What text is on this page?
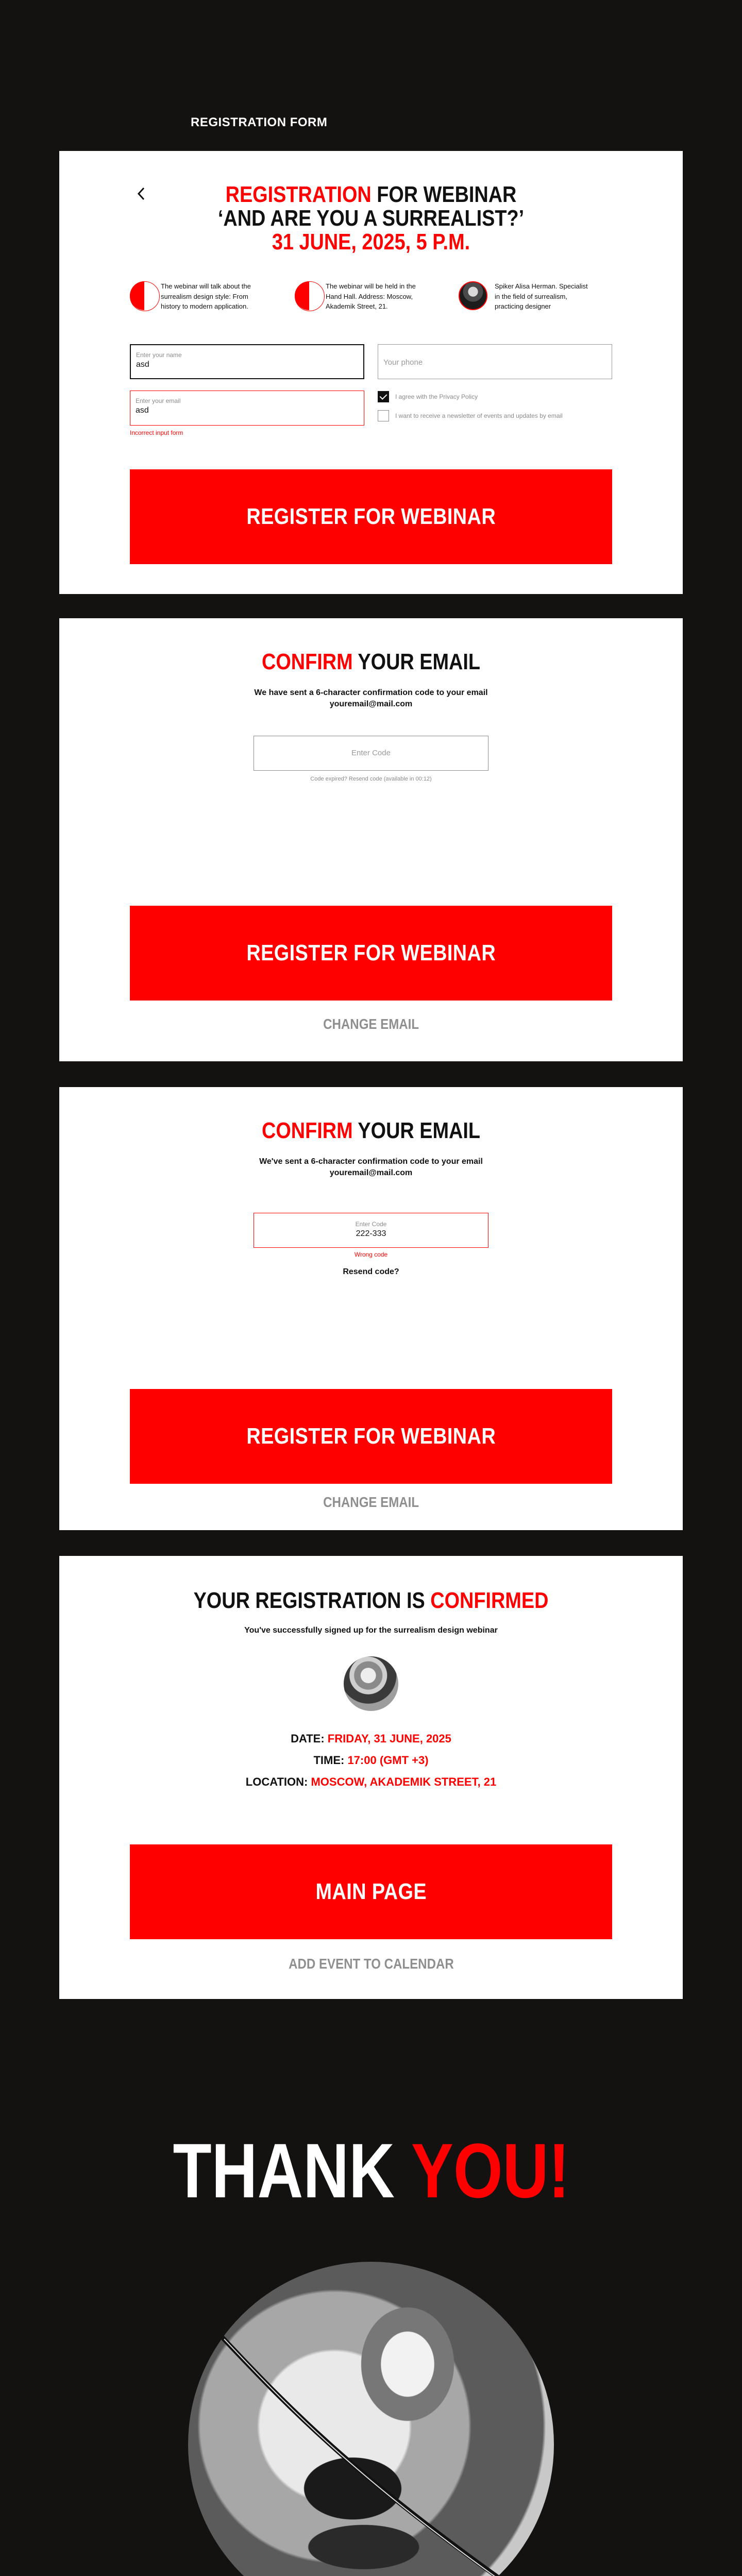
REGISTRATION FORM
REGISTRATION FOR WEBINAR
‘AND ARE YOU A SURREALIST?’
31 JUNE, 2025, 5 P.M.

The webinar will talk about the surrealism design style: From history to modern application.

The webinar will be held in the Hand Hall. Address: Moscow, Akademik Street, 21.

Spiker Alisa Herman. Specialist in the field of surrealism, practicing designer

Enter your name
asd	Your phone
Enter your email
asd
Incorrect input form
I agree with the Privacy Policy
I want to receive a newsletter of events and updates by email
REGISTER FOR WEBINAR
CONFIRM YOUR EMAIL
We have sent a 6-character confirmation code to your email
youremail@mail.com
Enter Code
Code expired? Resend code (available in 00:12)
REGISTER FOR WEBINAR
CHANGE EMAIL
CONFIRM YOUR EMAIL
We've sent a 6-character confirmation code to your email
youremail@mail.com
Enter Code
222-333
Wrong code
Resend code?
REGISTER FOR WEBINAR
CHANGE EMAIL
YOUR REGISTRATION IS CONFIRMED
You've successfully signed up for the surrealism design webinar
DATE: FRIDAY, 31 JUNE, 2025
TIME: 17:00 (GMT +3)
LOCATION: MOSCOW, AKADEMIK STREET, 21
MAIN PAGE
ADD EVENT TO CALENDAR
THANK YOU!
